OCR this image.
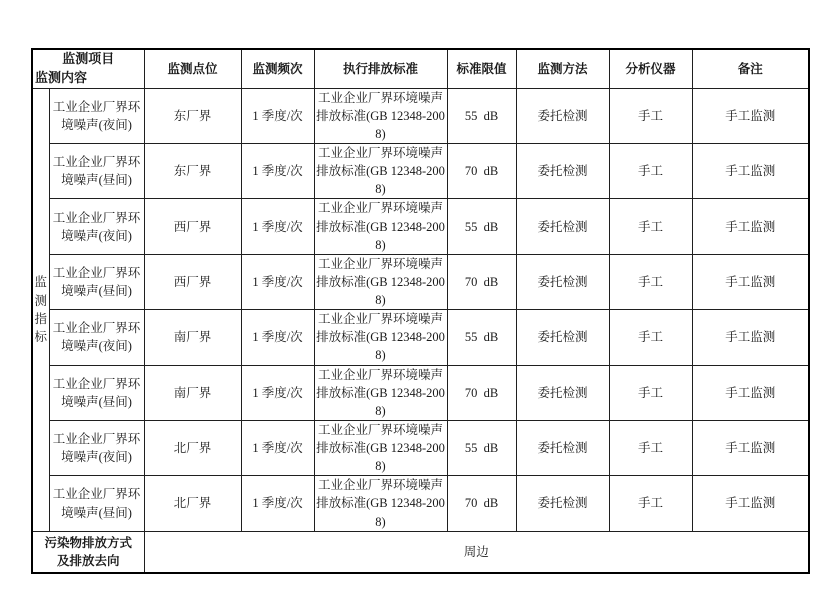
监测项目
监测内容		监测点位	监测频次	执行排放标准	标准限值	监测方法	分析仪器	备注
监测指标	工业企业厂界环境噪声(夜间)	东厂界	1 季度/次	工业企业厂界环境噪声排放标准(GB 12348-2008)	55  dB	委托检测	手工	手工监测
	工业企业厂界环境噪声(昼间)	东厂界	1 季度/次	工业企业厂界环境噪声排放标准(GB 12348-2008)	70  dB	委托检测	手工	手工监测
	工业企业厂界环境噪声(夜间)	西厂界	1 季度/次	工业企业厂界环境噪声排放标准(GB 12348-2008)	55  dB	委托检测	手工	手工监测
	工业企业厂界环境噪声(昼间)	西厂界	1 季度/次	工业企业厂界环境噪声排放标准(GB 12348-2008)	70  dB	委托检测	手工	手工监测
	工业企业厂界环境噪声(夜间)	南厂界	1 季度/次	工业企业厂界环境噪声排放标准(GB 12348-2008)	55  dB	委托检测	手工	手工监测
	工业企业厂界环境噪声(昼间)	南厂界	1 季度/次	工业企业厂界环境噪声排放标准(GB 12348-2008)	70  dB	委托检测	手工	手工监测
	工业企业厂界环境噪声(夜间)	北厂界	1 季度/次	工业企业厂界环境噪声排放标准(GB 12348-2008)	55  dB	委托检测	手工	手工监测
	工业企业厂界环境噪声(昼间)	北厂界	1 季度/次	工业企业厂界环境噪声排放标准(GB 12348-2008)	70  dB	委托检测	手工	手工监测

污染物排放方式
及排放去向		周边						
